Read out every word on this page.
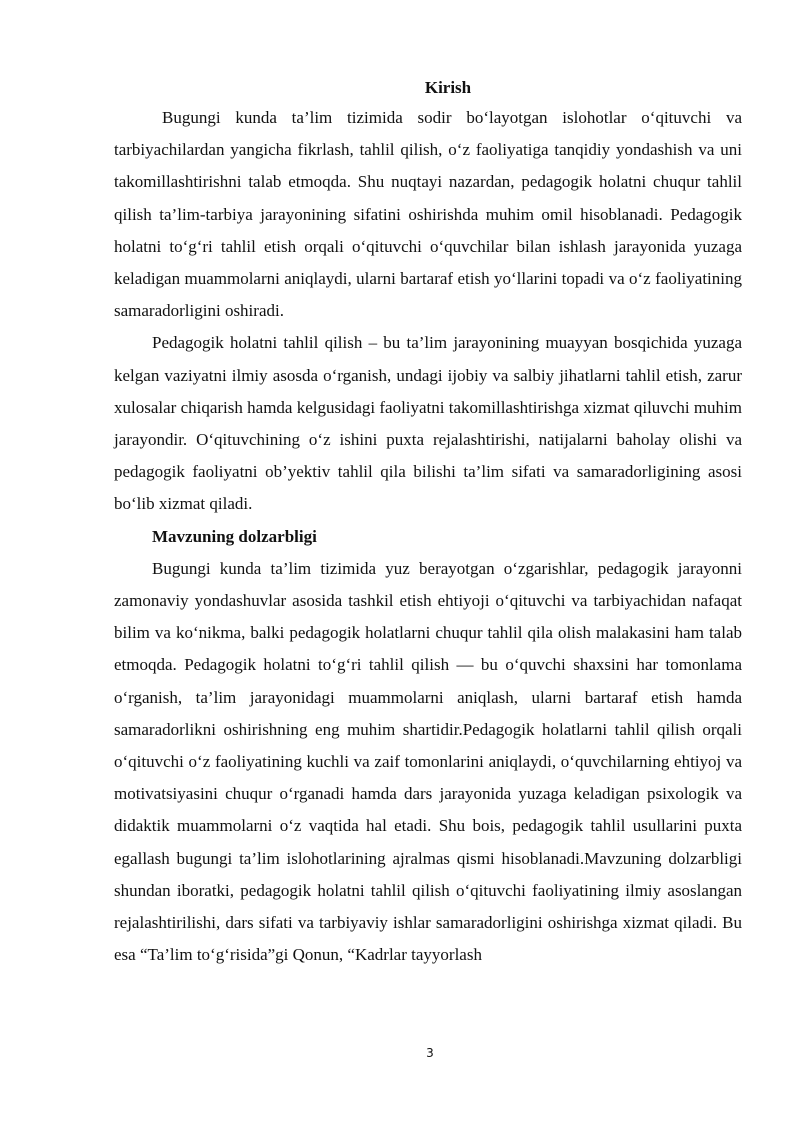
Kirish

Bugungi kunda ta’lim tizimida sodir bo‘layotgan islohotlar o‘qituvchi va tarbiyachilardan yangicha fikrlash, tahlil qilish, o‘z faoliyatiga tanqidiy yondashish va uni takomillashtirishni talab etmoqda. Shu nuqtayi nazardan, pedagogik holatni chuqur tahlil qilish ta’lim-tarbiya jarayonining sifatini oshirishda muhim omil hisoblanadi. Pedagogik holatni to‘g‘ri tahlil etish orqali o‘qituvchi o‘quvchilar bilan ishlash jarayonida yuzaga keladigan muammolarni aniqlaydi, ularni bartaraf etish yo‘llarini topadi va o‘z faoliyatining samaradorligini oshiradi.

Pedagogik holatni tahlil qilish – bu ta’lim jarayonining muayyan bosqichida yuzaga kelgan vaziyatni ilmiy asosda o‘rganish, undagi ijobiy va salbiy jihatlarni tahlil etish, zarur xulosalar chiqarish hamda kelgusidagi faoliyatni takomillashtirishga xizmat qiluvchi muhim jarayondir. O‘qituvchining o‘z ishini puxta rejalashtirishi, natijalarni baholay olishi va pedagogik faoliyatni ob’yektiv tahlil qila bilishi ta’lim sifati va samaradorligining asosi bo‘lib xizmat qiladi.

Mavzuning dolzarbligi

Bugungi kunda ta’lim tizimida yuz berayotgan o‘zgarishlar, pedagogik jarayonni zamonaviy yondashuvlar asosida tashkil etish ehtiyoji o‘qituvchi va tarbiyachidan nafaqat bilim va ko‘nikma, balki pedagogik holatlarni chuqur tahlil qila olish malakasini ham talab etmoqda. Pedagogik holatni to‘g‘ri tahlil qilish — bu o‘quvchi shaxsini har tomonlama o‘rganish, ta’lim jarayonidagi muammolarni aniqlash, ularni bartaraf etish hamda samaradorlikni oshirishning eng muhim shartidir.Pedagogik holatlarni tahlil qilish orqali o‘qituvchi o‘z faoliyatining kuchli va zaif tomonlarini aniqlaydi, o‘quvchilarning ehtiyoj va motivatsiyasini chuqur o‘rganadi hamda dars jarayonida yuzaga keladigan psixologik va didaktik muammolarni o‘z vaqtida hal etadi. Shu bois, pedagogik tahlil usullarini puxta egallash bugungi ta’lim islohotlarining ajralmas qismi hisoblanadi.Mavzuning dolzarbligi shundan iboratki, pedagogik holatni tahlil qilish o‘qituvchi faoliyatining ilmiy asoslangan rejalashtirilishi, dars sifati va tarbiyaviy ishlar samaradorligini oshirishga xizmat qiladi. Bu esa “Ta’lim to‘g‘risida”gi Qonun, “Kadrlar tayyorlash

3
